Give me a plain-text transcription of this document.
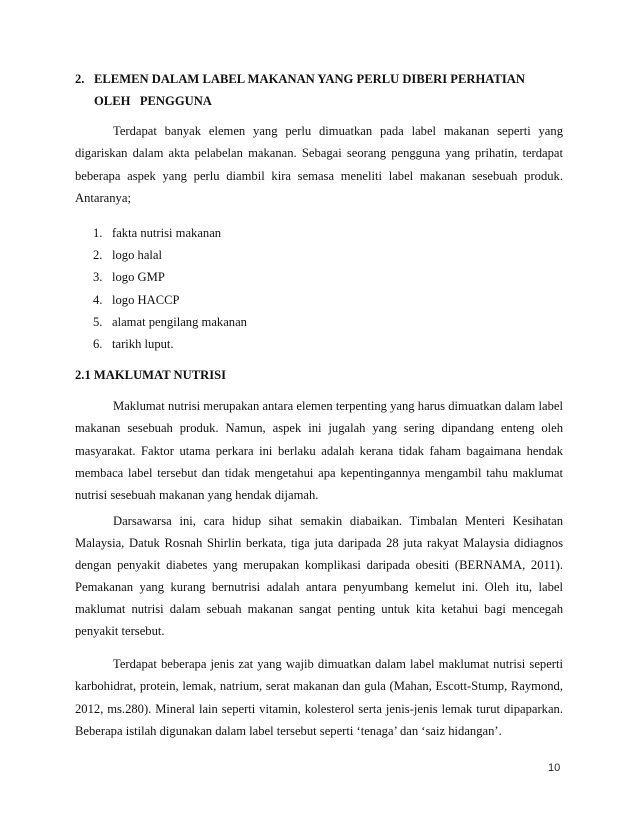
2. ELEMEN DALAM LABEL MAKANAN YANG PERLU DIBERI PERHATIAN
OLEH   PENGGUNA

Terdapat banyak elemen yang perlu dimuatkan pada label makanan seperti yang digariskan dalam akta pelabelan makanan. Sebagai seorang pengguna yang prihatin, terdapat beberapa aspek yang perlu diambil kira semasa meneliti label makanan sesebuah produk. Antaranya;

1. fakta nutrisi makanan
2. logo halal
3. logo GMP
4. logo HACCP
5. alamat pengilang makanan
6. tarikh luput.
2.1 MAKLUMAT NUTRISI

Maklumat nutrisi merupakan antara elemen terpenting yang harus dimuatkan dalam label makanan sesebuah produk. Namun, aspek ini jugalah yang sering dipandang enteng oleh masyarakat. Faktor utama perkara ini berlaku adalah kerana tidak faham bagaimana hendak membaca label tersebut dan tidak mengetahui apa kepentingannya mengambil tahu maklumat nutrisi sesebuah makanan yang hendak dijamah.

Darsawarsa ini, cara hidup sihat semakin diabaikan. Timbalan Menteri Kesihatan Malaysia, Datuk Rosnah Shirlin berkata, tiga juta daripada 28 juta rakyat Malaysia didiagnos dengan penyakit diabetes yang merupakan komplikasi daripada obesiti (BERNAMA, 2011). Pemakanan yang kurang bernutrisi adalah antara penyumbang kemelut ini. Oleh itu, label maklumat nutrisi dalam sebuah makanan sangat penting untuk kita ketahui bagi mencegah penyakit tersebut.

Terdapat beberapa jenis zat yang wajib dimuatkan dalam label maklumat nutrisi seperti karbohidrat, protein, lemak, natrium, serat makanan dan gula (Mahan, Escott-Stump, Raymond, 2012, ms.280). Mineral lain seperti vitamin, kolesterol serta jenis-jenis lemak turut dipaparkan. Beberapa istilah digunakan dalam label tersebut seperti ‘tenaga’ dan ‘saiz hidangan’.

10
